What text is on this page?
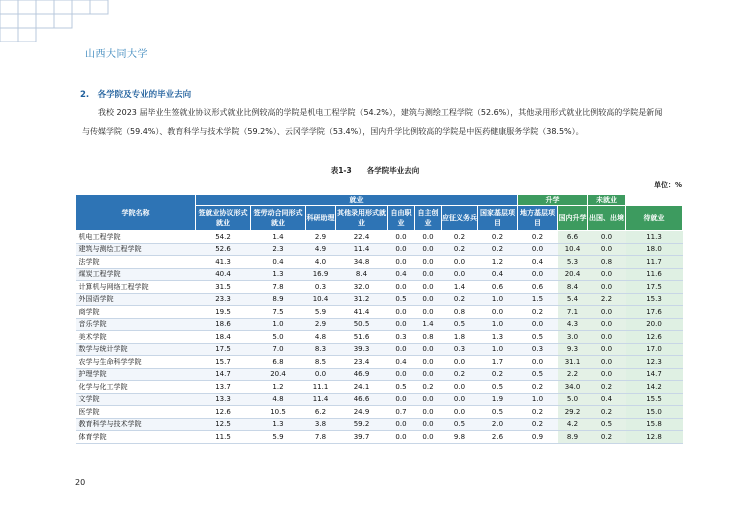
山西大同大学
2.　各学院及专业的毕业去向
我校 2023 届毕业生签就业协议形式就业比例较高的学院是机电工程学院（54.2%），建筑与测绘工程学院（52.6%），其他录用形式就业比例较高的学院是新闻与传媒学院（59.4%）、教育科学与技术学院（59.2%）、云冈学学院（53.4%），国内升学比例较高的学院是中医药健康服务学院（38.5%）。
表1-3　　各学院毕业去向
单位：%
学院名称	就业								升学		未就业	
	签就业协议形式就业	签劳动合同形式就业	科研助理	其他录用形式就业	自由职业	自主创业	应征义务兵	国家基层项目	地方基层项目	国内升学	出国、出境	待就业
机电工程学院	54.2	1.4	2.9	22.4	0.0	0.0	0.2	0.2	0.2	6.6	0.0	11.3
建筑与测绘工程学院	52.6	2.3	4.9	11.4	0.0	0.0	0.2	0.2	0.0	10.4	0.0	18.0
法学院	41.3	0.4	4.0	34.8	0.0	0.0	0.0	1.2	0.4	5.3	0.8	11.7
煤炭工程学院	40.4	1.3	16.9	8.4	0.4	0.0	0.0	0.4	0.0	20.4	0.0	11.6
计算机与网络工程学院	31.5	7.8	0.3	32.0	0.0	0.0	1.4	0.6	0.6	8.4	0.0	17.5
外国语学院	23.3	8.9	10.4	31.2	0.5	0.0	0.2	1.0	1.5	5.4	2.2	15.3
商学院	19.5	7.5	5.9	41.4	0.0	0.0	0.8	0.0	0.2	7.1	0.0	17.6
音乐学院	18.6	1.0	2.9	50.5	0.0	1.4	0.5	1.0	0.0	4.3	0.0	20.0
美术学院	18.4	5.0	4.8	51.6	0.3	0.8	1.8	1.3	0.5	3.0	0.0	12.6
数学与统计学院	17.5	7.0	8.3	39.3	0.0	0.0	0.3	1.0	0.3	9.3	0.0	17.0
农学与生命科学学院	15.7	6.8	8.5	23.4	0.4	0.0	0.0	1.7	0.0	31.1	0.0	12.3
护理学院	14.7	20.4	0.0	46.9	0.0	0.0	0.2	0.2	0.5	2.2	0.0	14.7
化学与化工学院	13.7	1.2	11.1	24.1	0.5	0.2	0.0	0.5	0.2	34.0	0.2	14.2
文学院	13.3	4.8	11.4	46.6	0.0	0.0	0.0	1.9	1.0	5.0	0.4	15.5
医学院	12.6	10.5	6.2	24.9	0.7	0.0	0.0	0.5	0.2	29.2	0.2	15.0
教育科学与技术学院	12.5	1.3	3.8	59.2	0.0	0.0	0.5	2.0	0.2	4.2	0.5	15.8
体育学院	11.5	5.9	7.8	39.7	0.0	0.0	9.8	2.6	0.9	8.9	0.2	12.8
20
